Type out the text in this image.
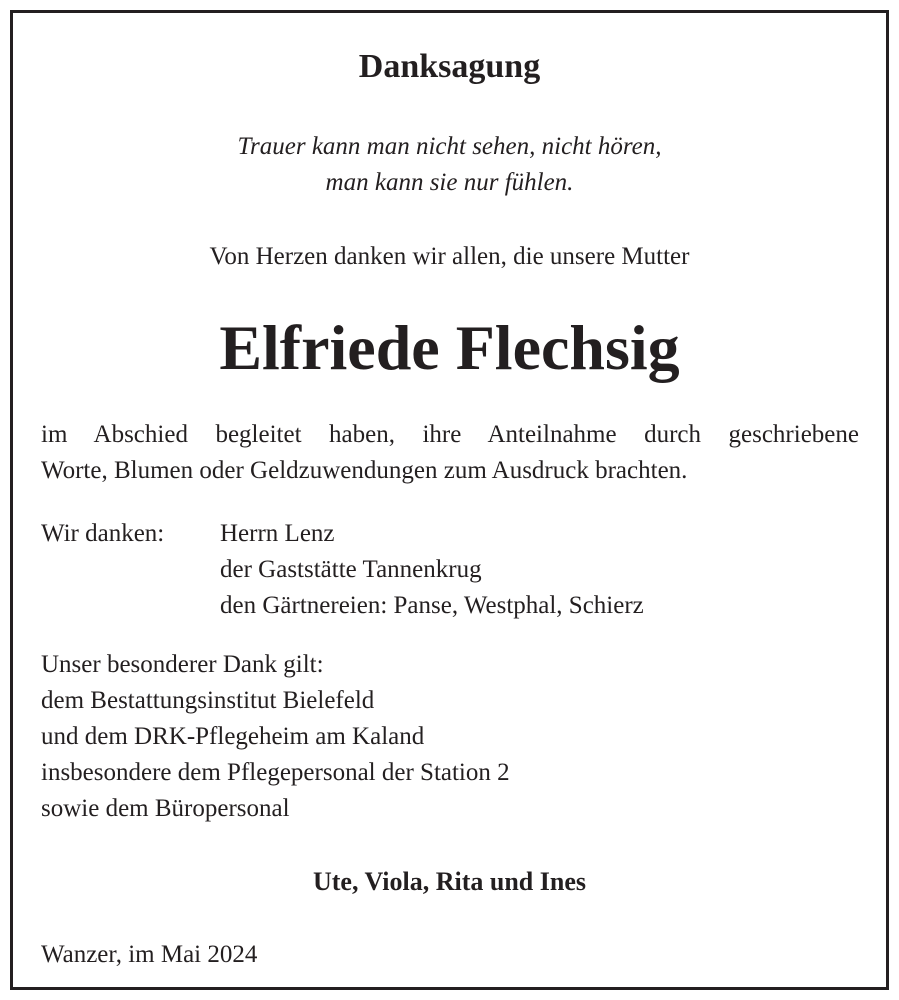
Danksagung
Trauer kann man nicht sehen, nicht hören,
man kann sie nur fühlen.
Von Herzen danken wir allen, die unsere Mutter
Elfriede Flechsig
im Abschied begleitet haben, ihre Anteilnahme durch geschriebene
Worte, Blumen oder Geldzuwendungen zum Ausdruck brachten.
Wir danken: Herrn Lenz
der Gaststätte Tannenkrug
den Gärtnereien: Panse, Westphal, Schierz
Unser besonderer Dank gilt:
dem Bestattungsinstitut Bielefeld
und dem DRK-Pflegeheim am Kaland
insbesondere dem Pflegepersonal der Station 2
sowie dem Büropersonal
Ute, Viola, Rita und Ines
Wanzer, im Mai 2024
